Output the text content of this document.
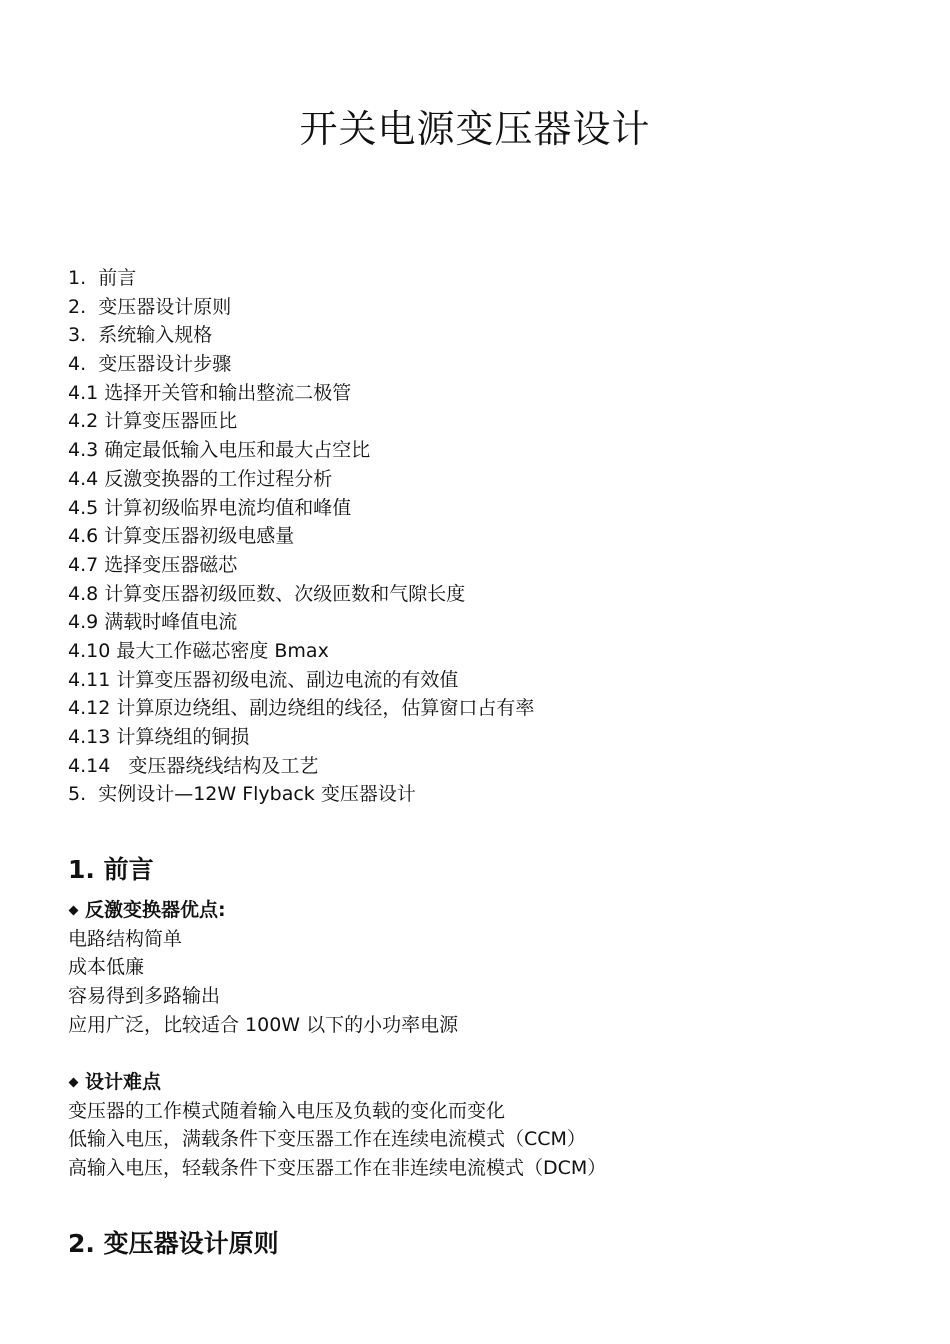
开关电源变压器设计
1.  前言
2.  变压器设计原则
3.  系统输入规格
4.  变压器设计步骤
4.1 选择开关管和输出整流二极管
4.2 计算变压器匝比
4.3 确定最低输入电压和最大占空比
4.4 反激变换器的工作过程分析
4.5 计算初级临界电流均值和峰值
4.6 计算变压器初级电感量
4.7 选择变压器磁芯
4.8 计算变压器初级匝数、次级匝数和气隙长度
4.9 满载时峰值电流
4.10 最大工作磁芯密度 Bmax
4.11 计算变压器初级电流、副边电流的有效值
4.12 计算原边绕组、副边绕组的线径，估算窗口占有率
4.13 计算绕组的铜损
4.14   变压器绕线结构及工艺
5.  实例设计—12W Flyback 变压器设计
1. 前言
反激变换器优点:
电路结构简单
成本低廉
容易得到多路输出
应用广泛，比较适合 100W 以下的小功率电源
设计难点
变压器的工作模式随着输入电压及负载的变化而变化
低输入电压，满载条件下变压器工作在连续电流模式（CCM）
高输入电压，轻载条件下变压器工作在非连续电流模式（DCM）
2. 变压器设计原则
